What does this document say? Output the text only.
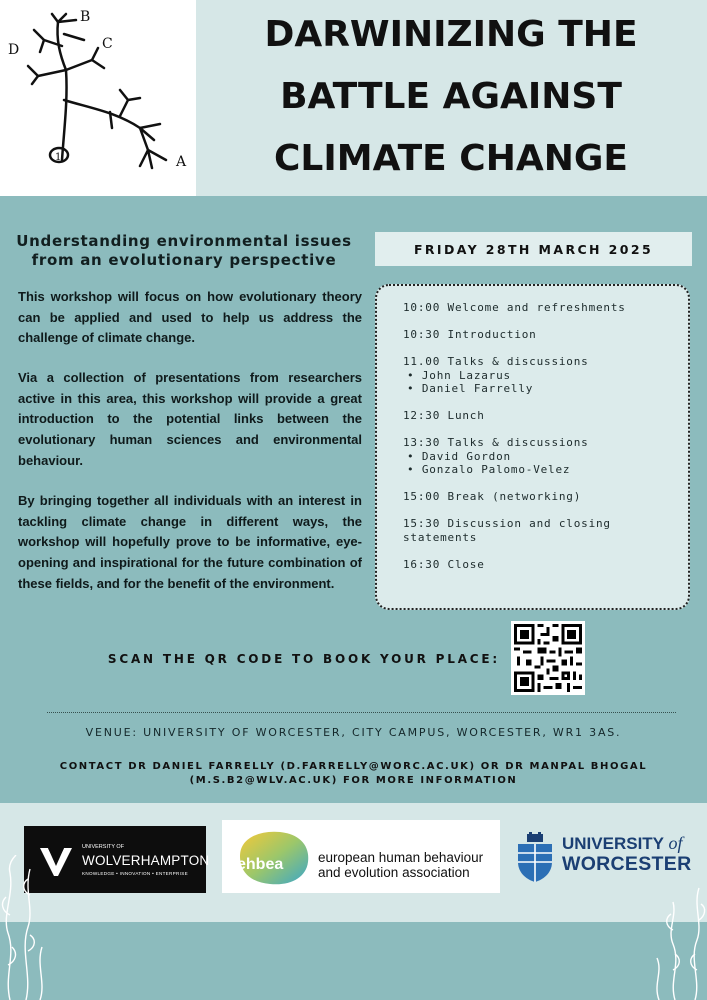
B
C
D
1	A
DARWINIZING THE
BATTLE AGAINST
CLIMATE CHANGE
Understanding environmental issues
from an evolutionary perspective

This workshop will focus on how evolutionary theory can be applied and used to help us address the challenge of climate change.

Via a collection of presentations from researchers active in this area, this workshop will provide a great introduction to the potential links between the evolutionary human sciences and environmental behaviour.

By bringing together all individuals with an interest in tackling climate change in different ways, the workshop will hopefully prove to be informative, eye-opening and inspirational for the future combination of these fields, and for the benefit of the environment.

FRIDAY 28TH MARCH 2025
10:00 Welcome and refreshments
10:30 Introduction
11.00 Talks & discussions
• John Lazarus
• Daniel Farrelly
12:30 Lunch
13:30 Talks & discussions
• David Gordon
• Gonzalo Palomo-Velez
15:00 Break (networking)
15:30 Discussion and closing statements
16:30 Close

SCAN THE QR CODE TO BOOK YOUR PLACE:

VENUE: UNIVERSITY OF WORCESTER, CITY CAMPUS, WORCESTER, WR1 3AS.

CONTACT DR DANIEL FARRELLY (D.FARRELLY@WORC.AC.UK) OR DR MANPAL BHOGAL
(M.S.B2@WLV.AC.UK) FOR MORE INFORMATION

UNIVERSITY OF
WOLVERHAMPTON
KNOWLEDGE • INNOVATION • ENTERPRISE
ehbea	european human behaviour
and evolution association
UNIVERSITY of
WORCESTER
